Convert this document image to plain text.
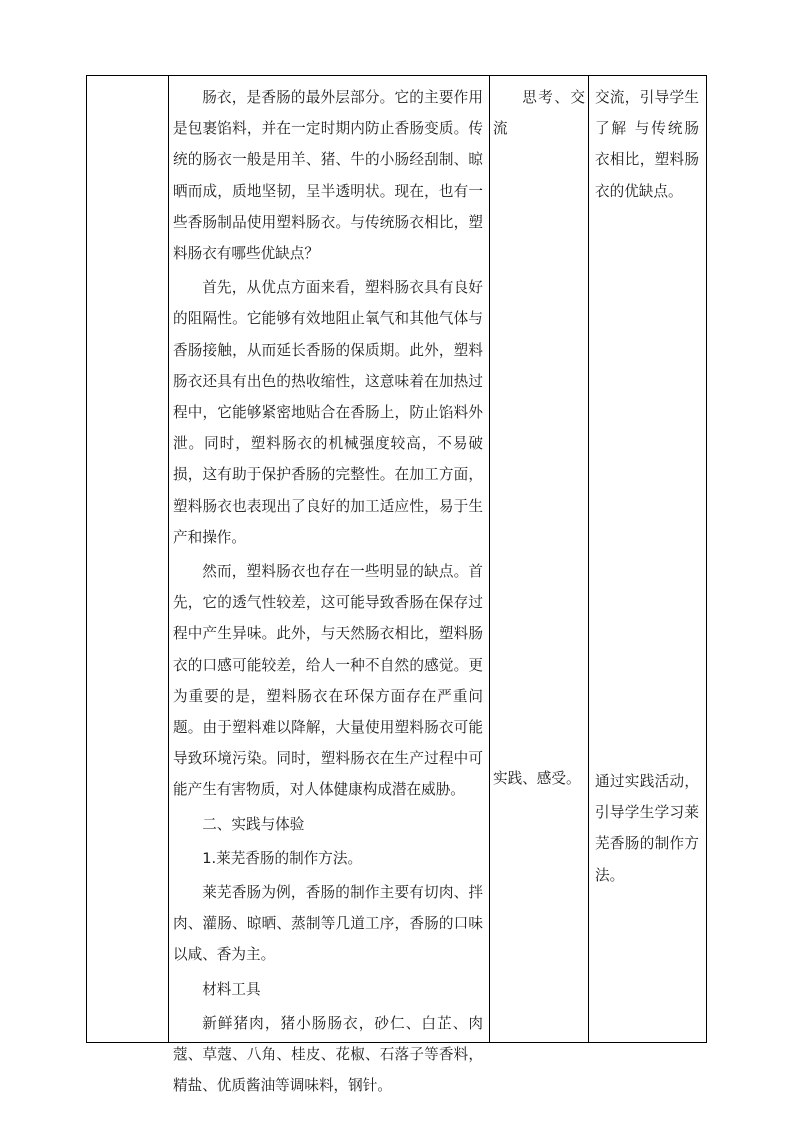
肠衣，是香肠的最外层部分。它的主要作用是包裹馅料，并在一定时期内防止香肠变质。传统的肠衣一般是用羊、猪、牛的小肠经刮制、晾晒而成，质地坚韧，呈半透明状。现在，也有一些香肠制品使用塑料肠衣。与传统肠衣相比，塑料肠衣有哪些优缺点？

首先，从优点方面来看，塑料肠衣具有良好的阻隔性。它能够有效地阻止氧气和其他气体与香肠接触，从而延长香肠的保质期。此外，塑料肠衣还具有出色的热收缩性，这意味着在加热过程中，它能够紧密地贴合在香肠上，防止馅料外泄。同时，塑料肠衣的机械强度较高，不易破损，这有助于保护香肠的完整性。在加工方面，塑料肠衣也表现出了良好的加工适应性，易于生产和操作。

然而，塑料肠衣也存在一些明显的缺点。首先，它的透气性较差，这可能导致香肠在保存过程中产生异味。此外，与天然肠衣相比，塑料肠衣的口感可能较差，给人一种不自然的感觉。更为重要的是，塑料肠衣在环保方面存在严重问题。由于塑料难以降解，大量使用塑料肠衣可能导致环境污染。同时，塑料肠衣在生产过程中可能产生有害物质，对人体健康构成潜在威胁。

二、实践与体验

1.莱芜香肠的制作方法。

莱芜香肠为例，香肠的制作主要有切肉、拌肉、灌肠、晾晒、蒸制等几道工序，香肠的口味以咸、香为主。

材料工具

新鲜猪肉，猪小肠肠衣，砂仁、白芷、肉蔻、草蔻、八角、桂皮、花椒、石落子等香料，精盐、优质酱油等调味料，钢针。

思考、交流

实践、感受。

交流，引导学生了解 与传统肠衣相比，塑料肠衣的优缺点。

通过实践活动，引导学生学习莱芜香肠的制作方法。
